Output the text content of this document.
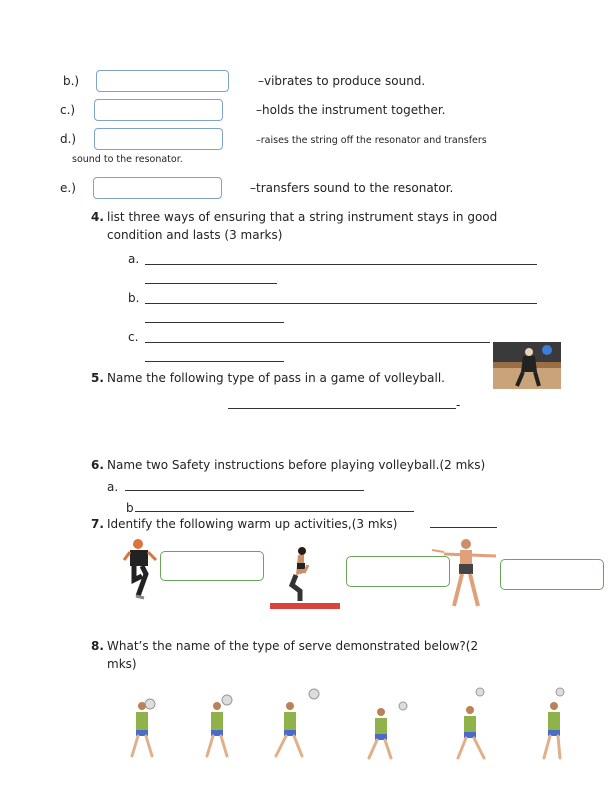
b.)	–vibrates to produce sound.
c.)	–holds the instrument together.
d.)	–raises the string off the resonator and transfers
sound to the resonator.
e.)	–transfers sound to the resonator.
4. list three ways of ensuring that a string instrument stays in good
condition and lasts (3 marks)
a.
b.
c.
5. Name the following type of pass in a game of volleyball.
-
6. Name two Safety instructions before playing volleyball.(2 mks)
a.
b
7. Identify the following warm up activities,(3 mks)
8. What’s the name of the type of serve demonstrated below?(2
mks)
